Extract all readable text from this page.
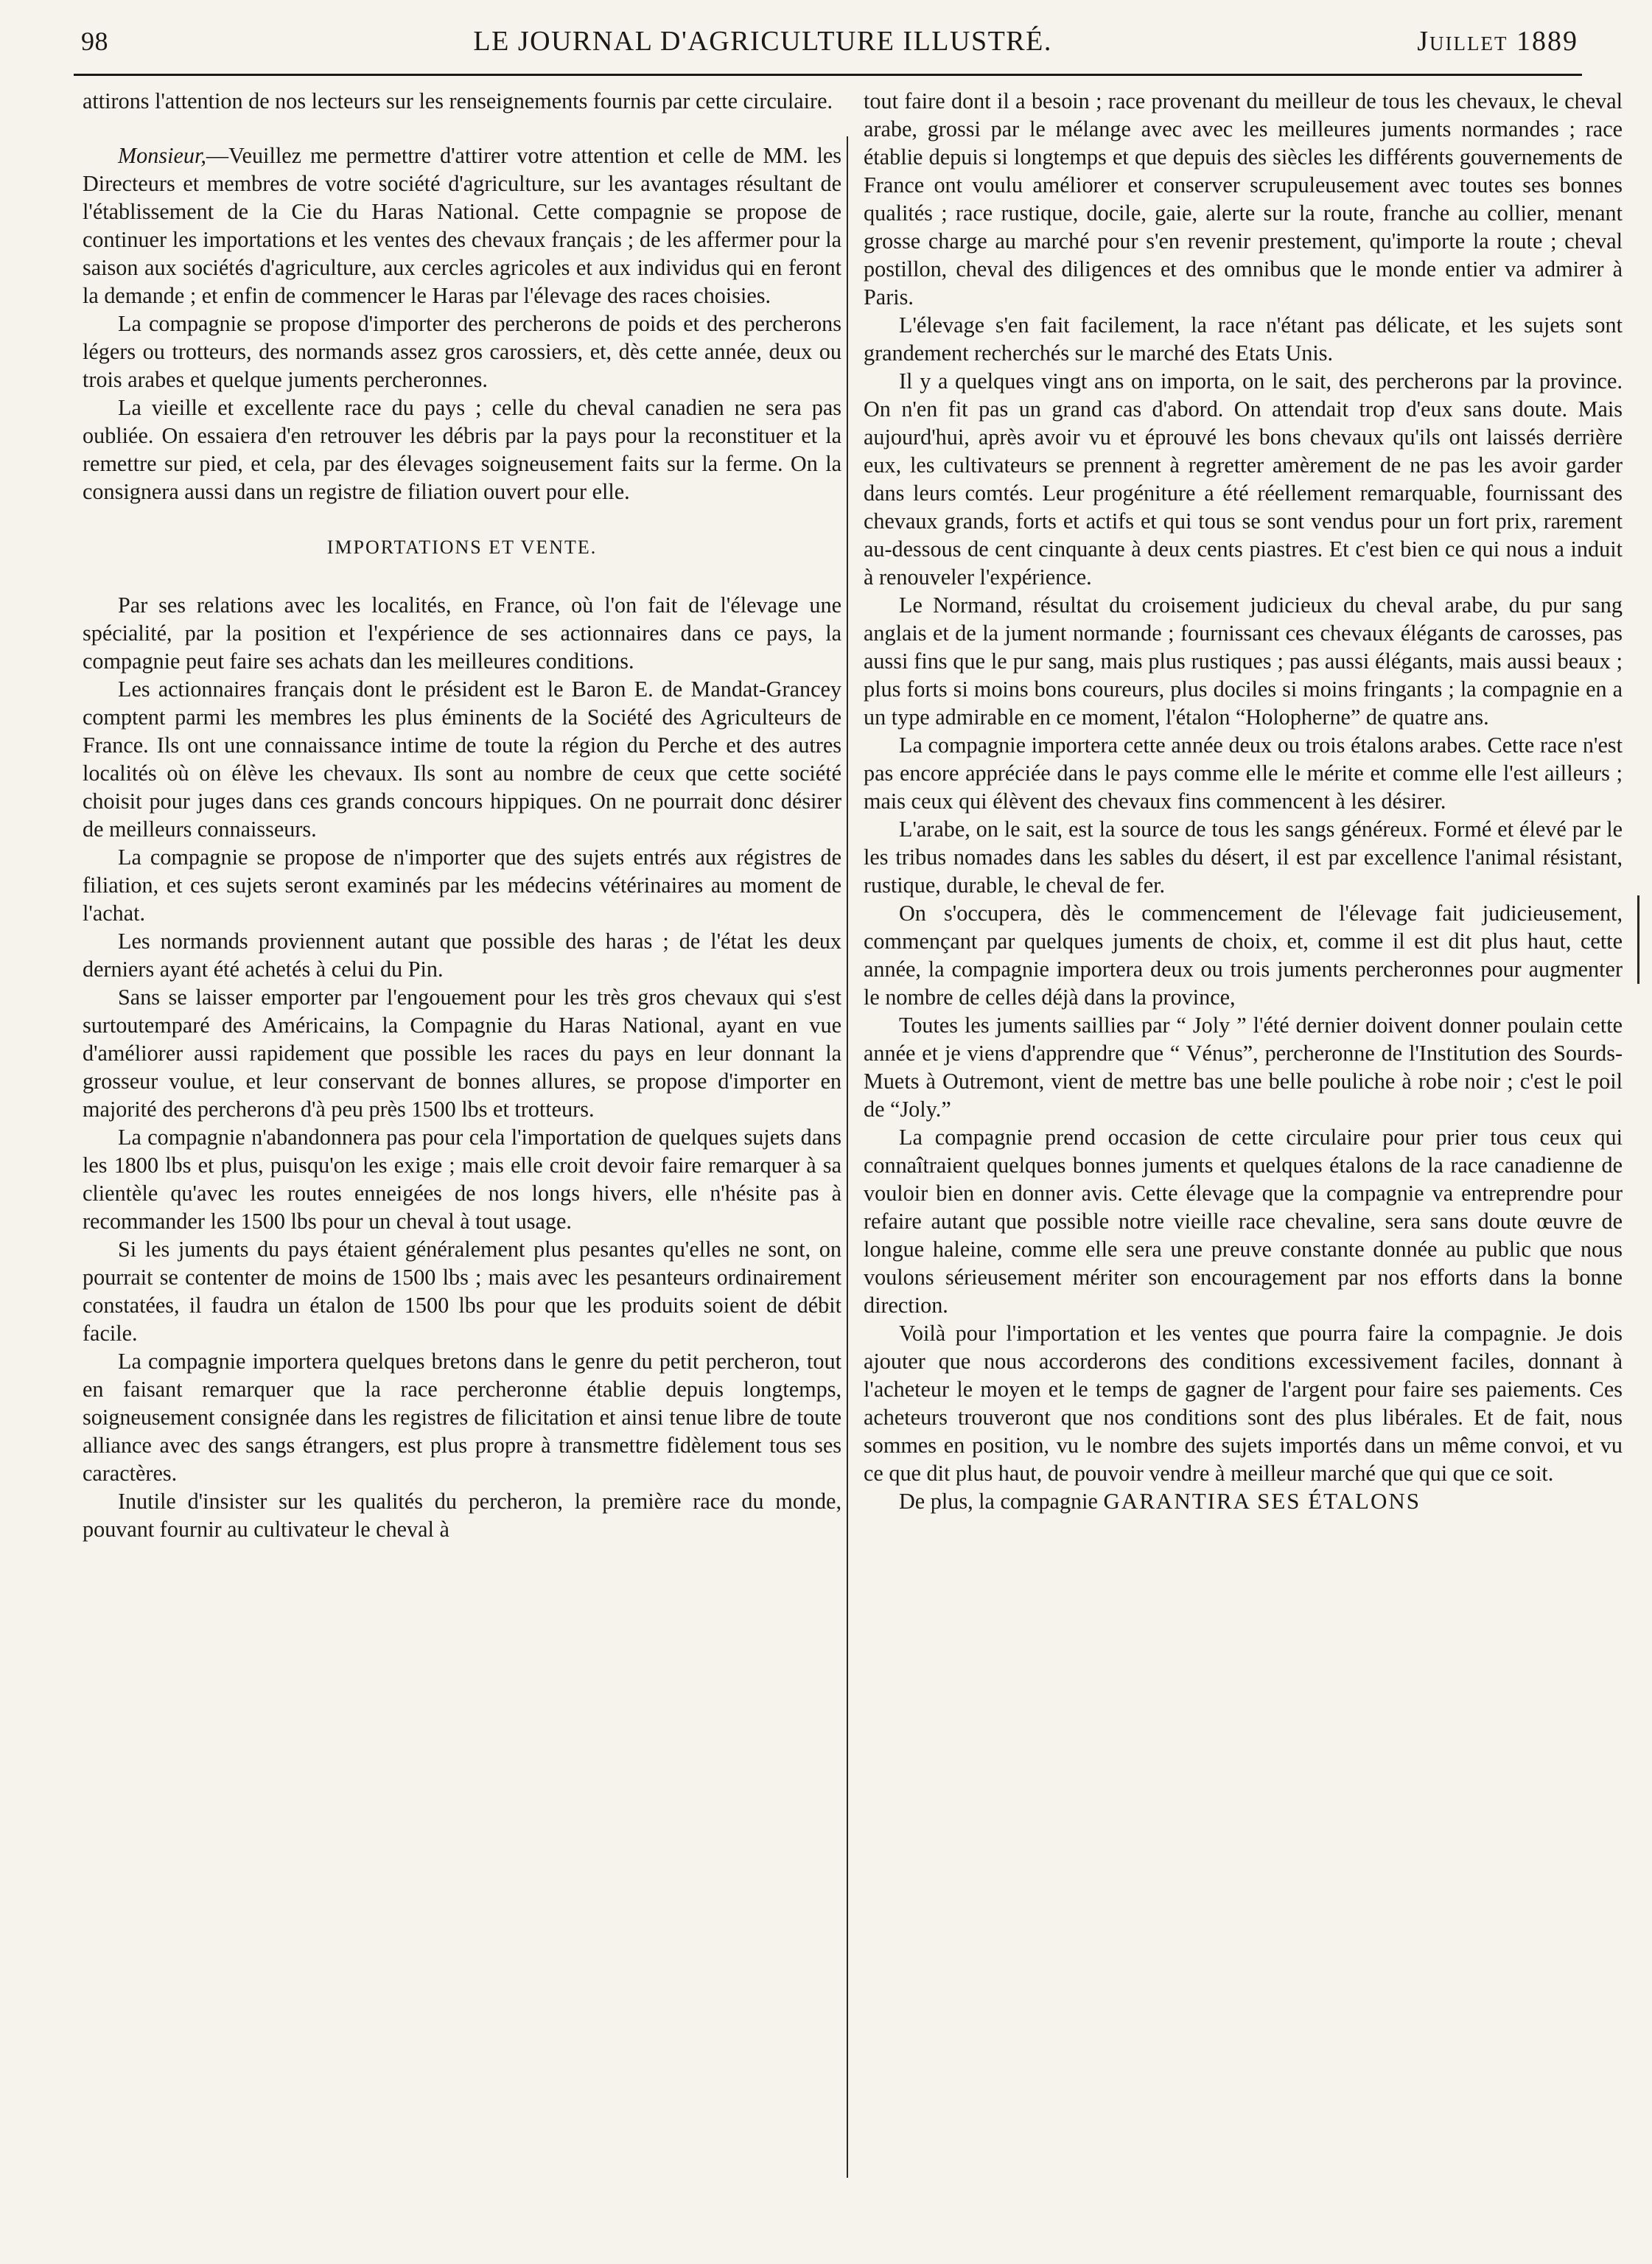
98	LE JOURNAL D'AGRICULTURE ILLUSTRÉ.	Juillet 1889

attirons l'attention de nos lecteurs sur les renseignements fournis par cette circulaire.

Monsieur,—Veuillez me permettre d'attirer votre attention et celle de MM. les Directeurs et membres de votre société d'agriculture, sur les avantages résultant de l'établissement de la Cie du Haras National. Cette compagnie se propose de continuer les importations et les ventes des chevaux français ; de les affermer pour la saison aux sociétés d'agriculture, aux cercles agricoles et aux individus qui en feront la demande ; et enfin de commencer le Haras par l'élevage des races choisies.

La compagnie se propose d'importer des percherons de poids et des percherons légers ou trotteurs, des normands assez gros carossiers, et, dès cette année, deux ou trois arabes et quelque juments percheronnes.

La vieille et excellente race du pays ; celle du cheval canadien ne sera pas oubliée. On essaiera d'en retrouver les débris par la pays pour la reconstituer et la remettre sur pied, et cela, par des élevages soigneusement faits sur la ferme. On la consignera aussi dans un registre de filiation ouvert pour elle.

IMPORTATIONS ET VENTE.

Par ses relations avec les localités, en France, où l'on fait de l'élevage une spécialité, par la position et l'expérience de ses actionnaires dans ce pays, la compagnie peut faire ses achats dan les meilleures conditions.

Les actionnaires français dont le président est le Baron E. de Mandat-Grancey comptent parmi les membres les plus éminents de la Société des Agriculteurs de France. Ils ont une connaissance intime de toute la région du Perche et des autres localités où on élève les chevaux. Ils sont au nombre de ceux que cette société choisit pour juges dans ces grands concours hippiques. On ne pourrait donc désirer de meilleurs connaisseurs.

La compagnie se propose de n'importer que des sujets entrés aux régistres de filiation, et ces sujets seront examinés par les médecins vétérinaires au moment de l'achat.

Les normands proviennent autant que possible des haras ; de l'état les deux derniers ayant été achetés à celui du Pin.

Sans se laisser emporter par l'engouement pour les très gros chevaux qui s'est surtoutemparé des Américains, la Compagnie du Haras National, ayant en vue d'améliorer aussi rapidement que possible les races du pays en leur donnant la grosseur voulue, et leur conservant de bonnes allures, se propose d'importer en majorité des percherons d'à peu près 1500 lbs et trotteurs.

La compagnie n'abandonnera pas pour cela l'importation de quelques sujets dans les 1800 lbs et plus, puisqu'on les exige ; mais elle croit devoir faire remarquer à sa clientèle qu'avec les routes enneigées de nos longs hivers, elle n'hésite pas à recommander les 1500 lbs pour un cheval à tout usage.

Si les juments du pays étaient généralement plus pesantes qu'elles ne sont, on pourrait se contenter de moins de 1500 lbs ; mais avec les pesanteurs ordinairement constatées, il faudra un étalon de 1500 lbs pour que les produits soient de débit facile.

La compagnie importera quelques bretons dans le genre du petit percheron, tout en faisant remarquer que la race percheronne établie depuis longtemps, soigneusement consignée dans les registres de filicitation et ainsi tenue libre de toute alliance avec des sangs étrangers, est plus propre à transmettre fidèlement tous ses caractères.

Inutile d'insister sur les qualités du percheron, la première race du monde, pouvant fournir au cultivateur le cheval à

tout faire dont il a besoin ; race provenant du meilleur de tous les chevaux, le cheval arabe, grossi par le mélange avec avec les meilleures juments normandes ; race établie depuis si longtemps et que depuis des siècles les différents gouvernements de France ont voulu améliorer et conserver scrupuleusement avec toutes ses bonnes qualités ; race rustique, docile, gaie, alerte sur la route, franche au collier, menant grosse charge au marché pour s'en revenir prestement, qu'importe la route ; cheval postillon, cheval des diligences et des omnibus que le monde entier va admirer à Paris.

L'élevage s'en fait facilement, la race n'étant pas délicate, et les sujets sont grandement recherchés sur le marché des Etats Unis.

Il y a quelques vingt ans on importa, on le sait, des percherons par la province. On n'en fit pas un grand cas d'abord. On attendait trop d'eux sans doute. Mais aujourd'hui, après avoir vu et éprouvé les bons chevaux qu'ils ont laissés derrière eux, les cultivateurs se prennent à regretter amèrement de ne pas les avoir garder dans leurs comtés. Leur progéniture a été réellement remarquable, fournissant des chevaux grands, forts et actifs et qui tous se sont vendus pour un fort prix, rarement au-dessous de cent cinquante à deux cents piastres. Et c'est bien ce qui nous a induit à renouveler l'expérience.

Le Normand, résultat du croisement judicieux du cheval arabe, du pur sang anglais et de la jument normande ; fournissant ces chevaux élégants de carosses, pas aussi fins que le pur sang, mais plus rustiques ; pas aussi élégants, mais aussi beaux ; plus forts si moins bons coureurs, plus dociles si moins fringants ; la compagnie en a un type admirable en ce moment, l'étalon “Holopherne” de quatre ans.

La compagnie importera cette année deux ou trois étalons arabes. Cette race n'est pas encore appréciée dans le pays comme elle le mérite et comme elle l'est ailleurs ; mais ceux qui élèvent des chevaux fins commencent à les désirer.

L'arabe, on le sait, est la source de tous les sangs généreux. Formé et élevé par le les tribus nomades dans les sables du désert, il est par excellence l'animal résistant, rustique, durable, le cheval de fer.

On s'occupera, dès le commencement de l'élevage fait judicieusement, commençant par quelques juments de choix, et, comme il est dit plus haut, cette année, la compagnie importera deux ou trois juments percheronnes pour augmenter le nombre de celles déjà dans la province,

Toutes les juments saillies par “ Joly ” l'été dernier doivent donner poulain cette année et je viens d'apprendre que “ Vénus”, percheronne de l'Institution des Sourds-Muets à Outremont, vient de mettre bas une belle pouliche à robe noir ; c'est le poil de “Joly.”

La compagnie prend occasion de cette circulaire pour prier tous ceux qui connaîtraient quelques bonnes juments et quelques étalons de la race canadienne de vouloir bien en donner avis. Cette élevage que la compagnie va entreprendre pour refaire autant que possible notre vieille race chevaline, sera sans doute œuvre de longue haleine, comme elle sera une preuve constante donnée au public que nous voulons sérieusement mériter son encouragement par nos efforts dans la bonne direction.

Voilà pour l'importation et les ventes que pourra faire la compagnie. Je dois ajouter que nous accorderons des conditions excessivement faciles, donnant à l'acheteur le moyen et le temps de gagner de l'argent pour faire ses paiements. Ces acheteurs trouveront que nos conditions sont des plus libérales. Et de fait, nous sommes en position, vu le nombre des sujets importés dans un même convoi, et vu ce que dit plus haut, de pouvoir vendre à meilleur marché que qui que ce soit.

De plus, la compagnie GARANTIRA SES ÉTALONS
